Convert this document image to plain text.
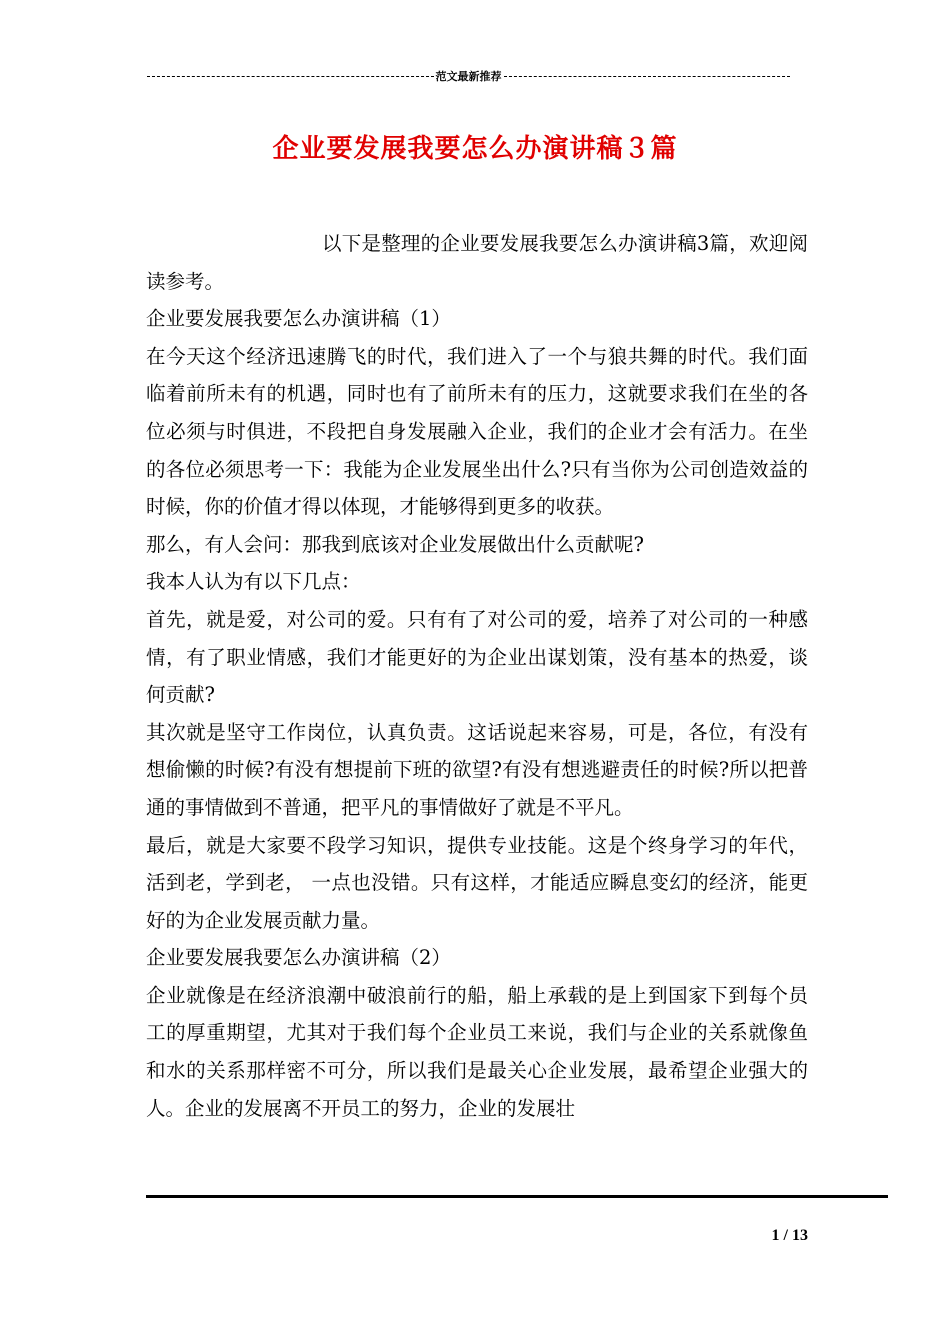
范文最新推荐
企业要发展我要怎么办演讲稿３篇

以下是整理的企业要发展我要怎么办演讲稿3篇，欢迎阅读参考。

企业要发展我要怎么办演讲稿（1）

在今天这个经济迅速腾飞的时代，我们进入了一个与狼共舞的时代。我们面临着前所未有的机遇，同时也有了前所未有的压力，这就要求我们在坐的各位必须与时俱进，不段把自身发展融入企业，我们的企业才会有活力。在坐的各位必须思考一下：我能为企业发展坐出什么?只有当你为公司创造效益的时候，你的价值才得以体现，才能够得到更多的收获。

那么，有人会问：那我到底该对企业发展做出什么贡献呢?

我本人认为有以下几点：

首先，就是爱，对公司的爱。只有有了对公司的爱，培养了对公司的一种感情，有了职业情感，我们才能更好的为企业出谋划策，没有基本的热爱，谈何贡献?

其次就是坚守工作岗位，认真负责。这话说起来容易，可是，各位，有没有想偷懒的时候?有没有想提前下班的欲望?有没有想逃避责任的时候?所以把普通的事情做到不普通，把平凡的事情做好了就是不平凡。

最后，就是大家要不段学习知识，提供专业技能。这是个终身学习的年代，活到老，学到老， 一点也没错。只有这样，才能适应瞬息变幻的经济，能更好的为企业发展贡献力量。

企业要发展我要怎么办演讲稿（2）

企业就像是在经济浪潮中破浪前行的船，船上承载的是上到国家下到每个员工的厚重期望，尤其对于我们每个企业员工来说，我们与企业的关系就像鱼和水的关系那样密不可分，所以我们是最关心企业发展，最希望企业强大的人。企业的发展离不开员工的努力，企业的发展壮

1 / 13
